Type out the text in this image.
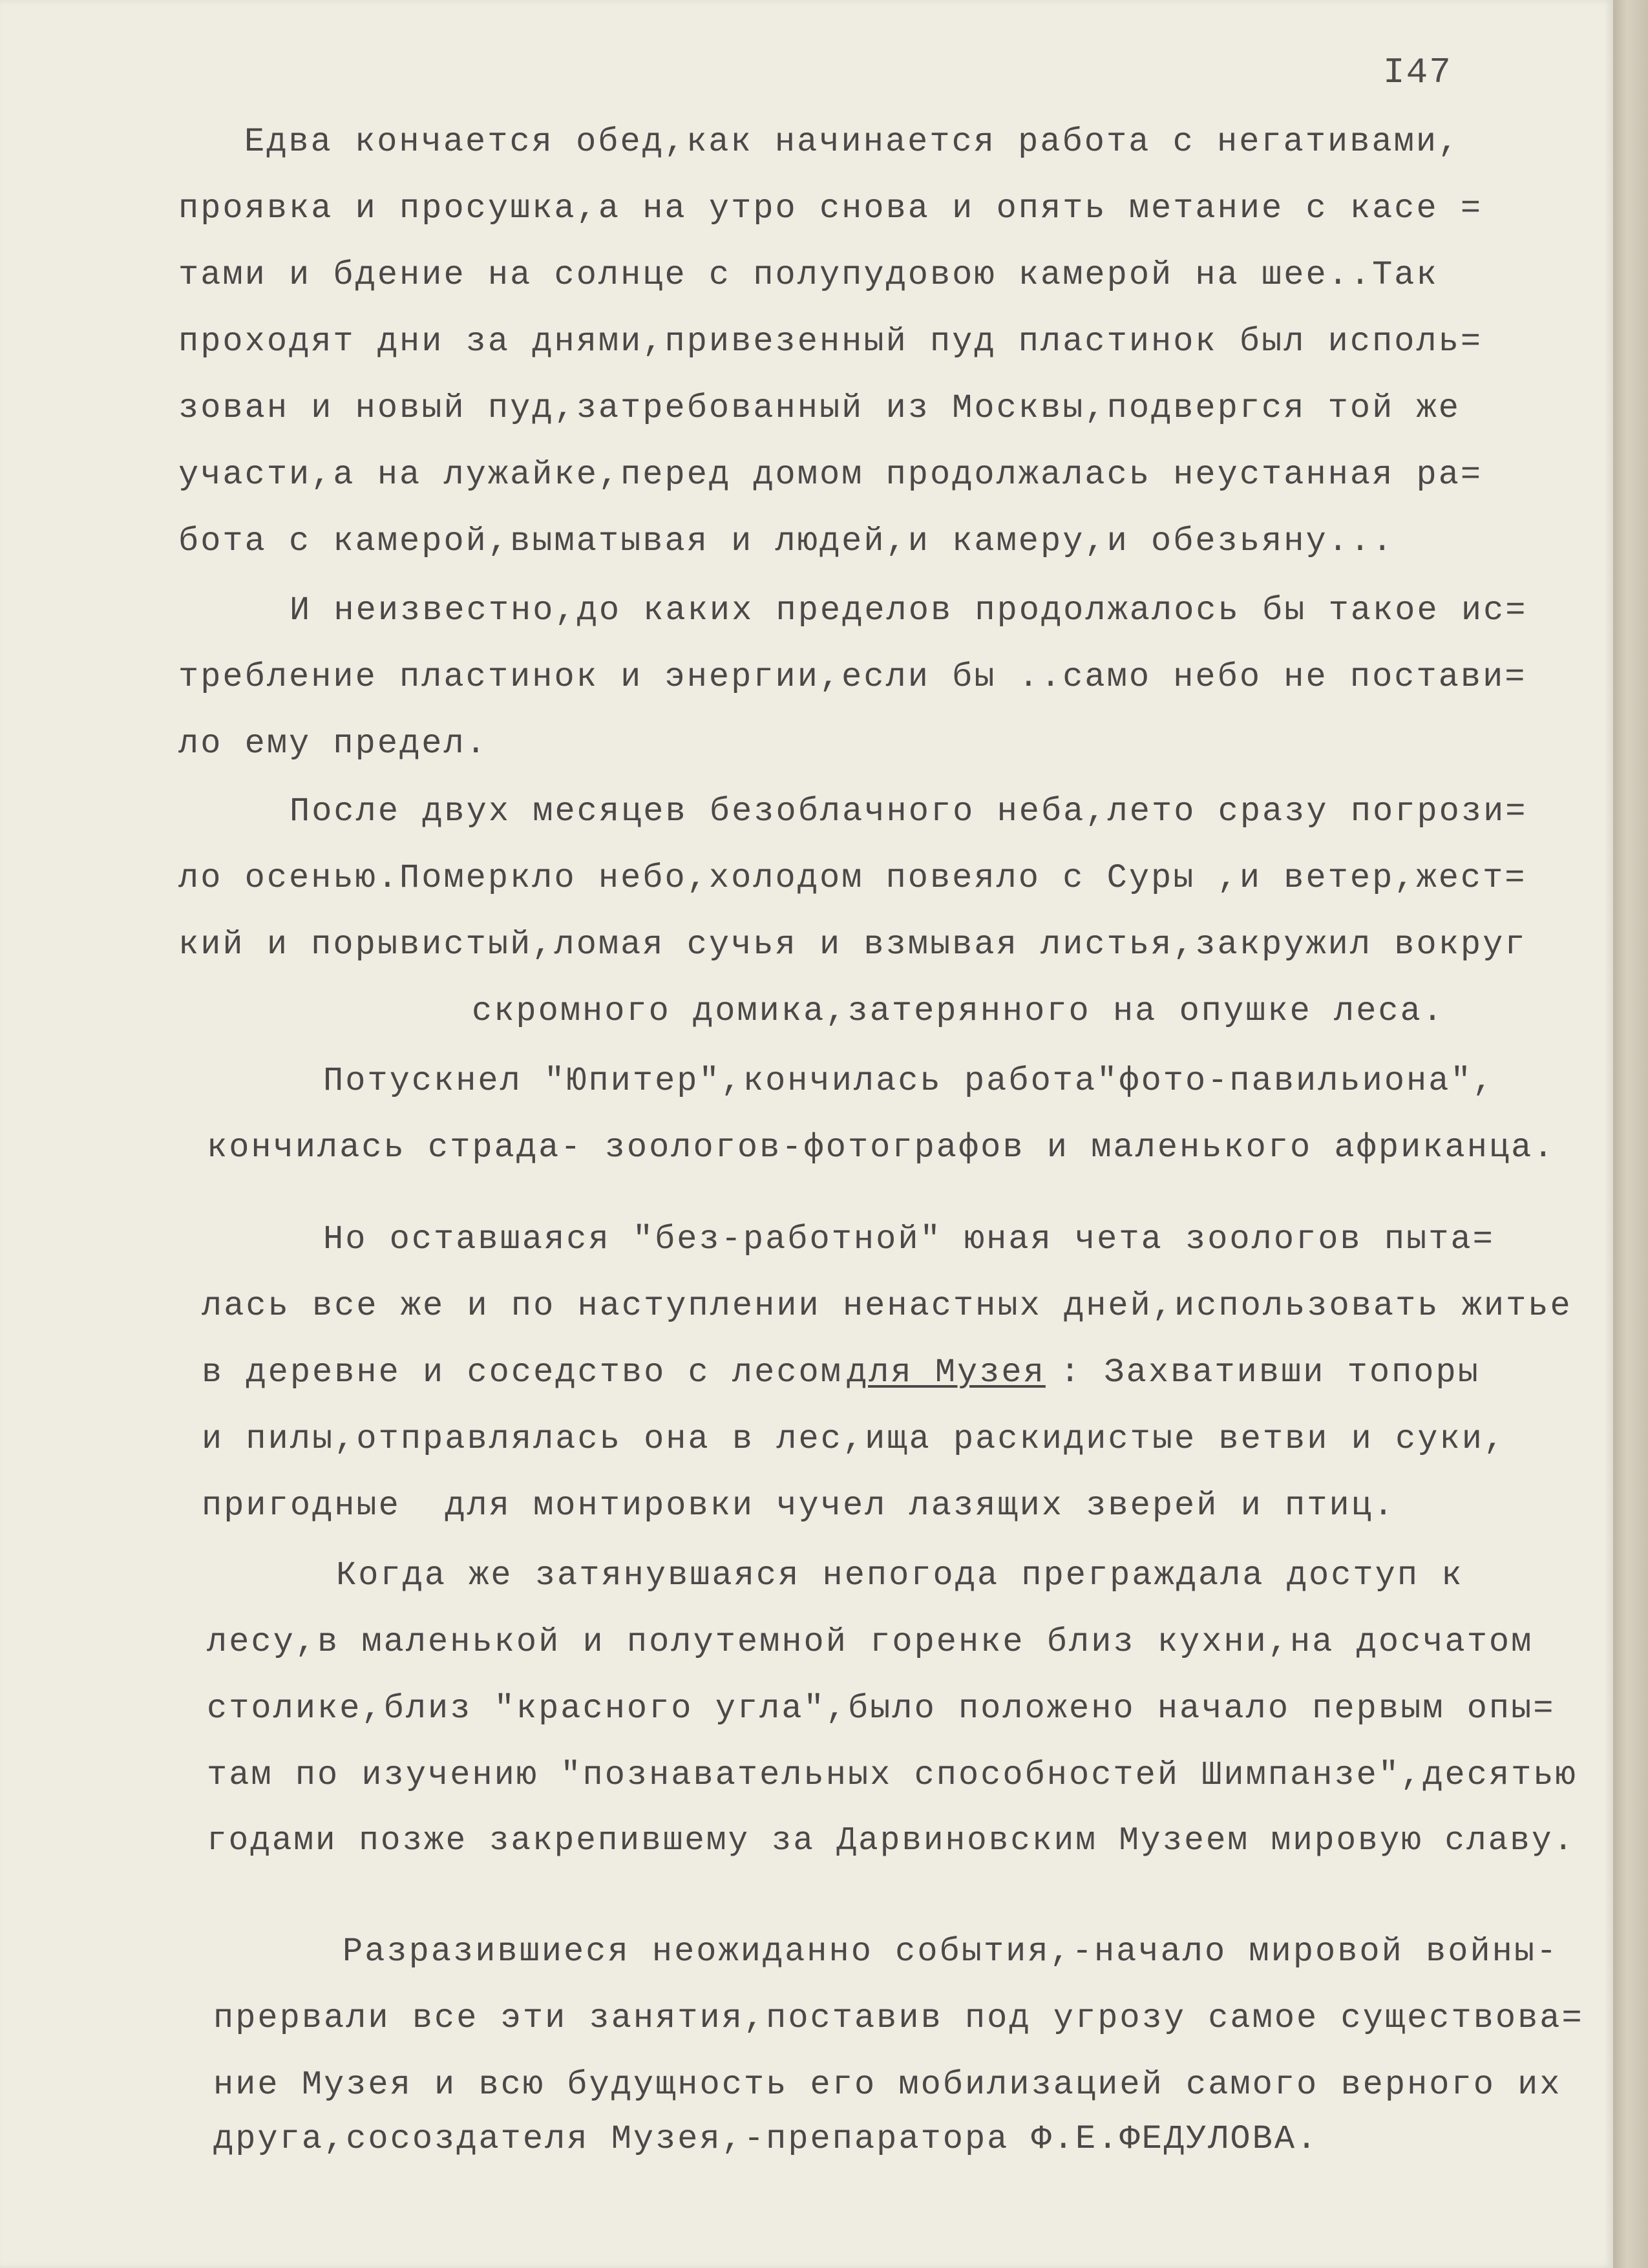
I47
Едва кончается обед,как начинается работа с негативами,
проявка и просушка,а на утро снова и опять метание с касе =
тами и бдение на солнце с полупудовою камерой на шее..Так
проходят дни за днями,привезенный пуд пластинок был исполь=
зован и новый пуд,затребованный из Москвы,подвергся той же
участи,а на лужайке,перед домом продолжалась неустанная ра=
бота с камерой,выматывая и людей,и камеру,и обезьяну...
И неизвестно,до каких пределов продолжалось бы такое ис=
требление пластинок и энергии,если бы ..само небо не постави=
ло ему предел.
После двух месяцев безоблачного неба,лето сразу погрози=
ло осенью.Померкло небо,холодом повеяло с Суры ,и ветер,жест=
кий и порывистый,ломая сучья и взмывая листья,закружил вокруг
скромного домика,затерянного на опушке леса.
Потускнел "Юпитер",кончилась работа"фото-павильиона",
кончилась страда- зоологов-фотографов и маленького африканца.
Но оставшаяся "без-работной" юная чета зоологов пыта=
лась все же и по наступлении ненастных дней,использовать житье
в деревне и соседство с лесом для Музея : Захвативши топоры
и пилы,отправлялась она в лес,ища раскидистые ветви и суки,
пригодные  для монтировки чучел лазящих зверей и птиц.
Когда же затянувшаяся непогода преграждала доступ к
лесу,в маленькой и полутемной горенке близ кухни,на досчатом
столике,близ "красного угла",было положено начало первым опы=
там по изучению "познавательных способностей Шимпанзе",десятью
годами позже закрепившему за Дарвиновским Музеем мировую славу.
Разразившиеся неожиданно события,-начало мировой войны-
прервали все эти занятия,поставив под угрозу самое существова=
ние Музея и всю будущность его мобилизацией самого верного их
друга,сосоздателя Музея,-препаратора Ф.Е.ФЕДУЛОВА.
